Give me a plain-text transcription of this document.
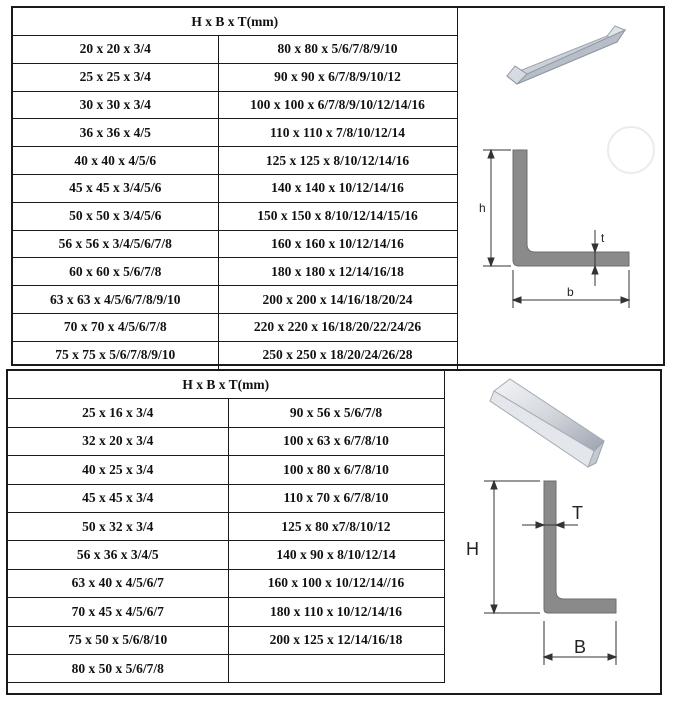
H x B x T(mm)	
20 x 20 x 3/4	80 x 80 x 5/6/7/8/9/10
25 x 25 x 3/4	90 x 90 x 6/7/8/9/10/12
30 x 30 x 3/4	100 x 100 x 6/7/8/9/10/12/14/16
36 x 36 x 4/5	110 x 110 x 7/8/10/12/14
40 x 40 x 4/5/6	125 x 125 x 8/10/12/14/16
45 x 45 x 3/4/5/6	140 x 140 x 10/12/14/16
50 x 50 x 3/4/5/6	150 x 150 x 8/10/12/14/15/16
56 x 56 x 3/4/5/6/7/8	160 x 160 x 10/12/14/16
60 x 60 x 5/6/7/8	180 x 180 x 12/14/16/18
63 x 63 x 4/5/6/7/8/9/10	200 x 200 x 14/16/18/20/24
70 x 70 x 4/5/6/7/8	220 x 220 x 16/18/20/22/24/26
75 x 75 x 5/6/7/8/9/10	250 x 250 x 18/20/24/26/28
h
b
t
H x B x T(mm)	
25 x 16 x 3/4	90 x 56 x 5/6/7/8
32 x 20 x 3/4	100 x 63 x 6/7/8/10
40 x 25 x 3/4	100 x 80 x 6/7/8/10
45 x 45 x 3/4	110 x 70 x 6/7/8/10
50 x 32 x 3/4	125 x 80 x7/8/10/12
56 x 36 x 3/4/5	140 x 90 x 8/10/12/14
63 x 40 x 4/5/6/7	160 x 100 x 10/12/14//16
70 x 45 x 4/5/6/7	180 x 110 x 10/12/14/16
75 x 50 x 5/6/8/10	200 x 125 x 12/14/16/18
80 x 50 x 5/6/7/8	
H
B
T
